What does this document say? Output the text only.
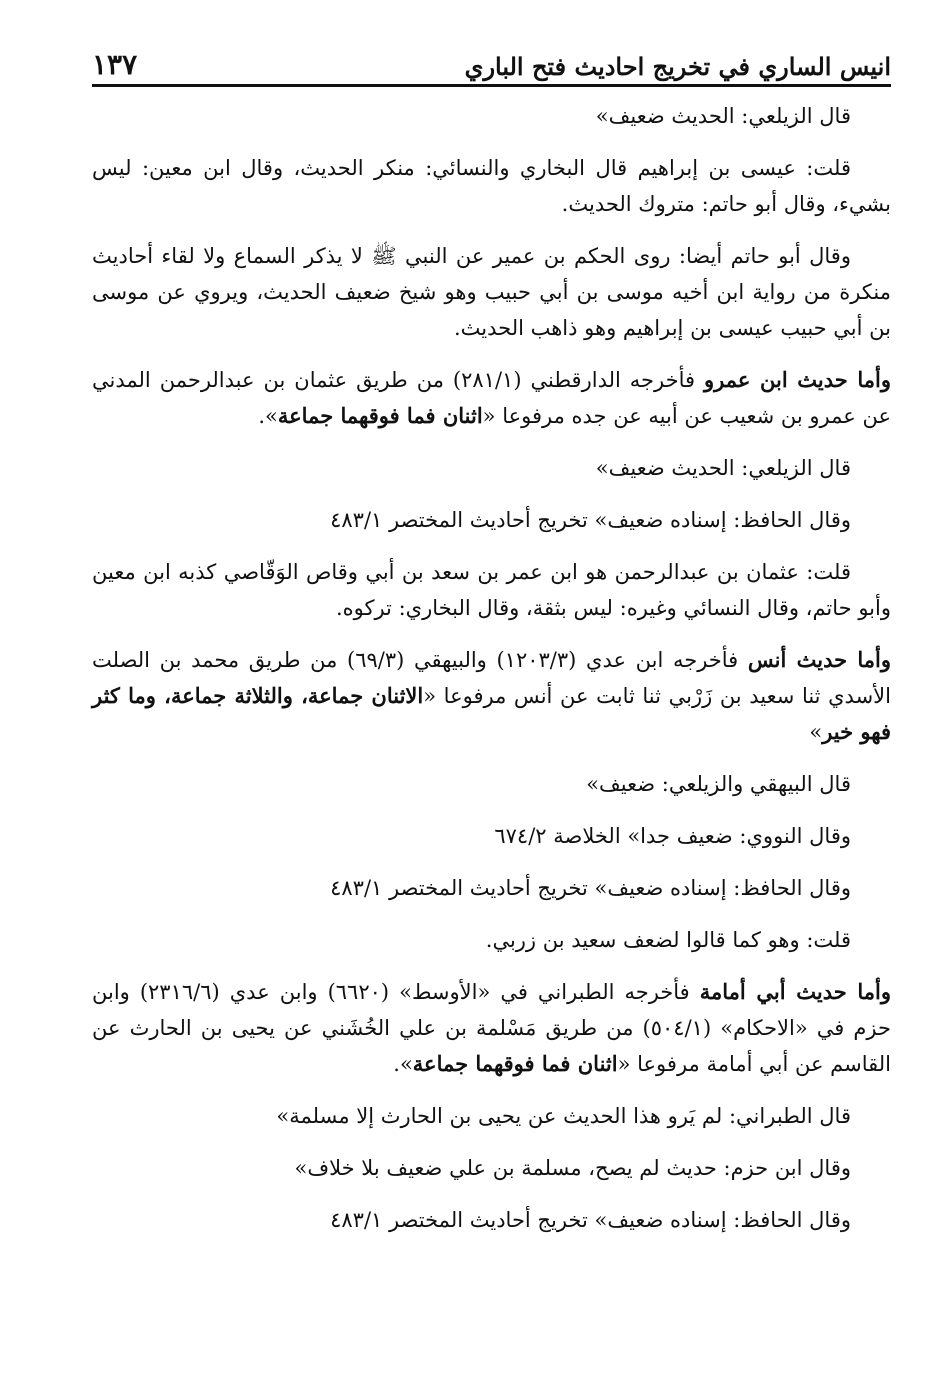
انيس الساري في تخريج احاديث فتح الباري
١٣٧

قال الزيلعي: الحديث ضعيف»

قلت: عيسى بن إبراهيم قال البخاري والنسائي: منكر الحديث، وقال ابن معين: ليس بشيء، وقال أبو حاتم: متروك الحديث.

وقال أبو حاتم أيضا: روى الحكم بن عمير عن النبي ﷺ لا يذكر السماع ولا لقاء أحاديث منكرة من رواية ابن أخيه موسى بن أبي حبيب وهو شيخ ضعيف الحديث، ويروي عن موسى بن أبي حبيب عيسى بن إبراهيم وهو ذاهب الحديث.

وأما حديث ابن عمرو فأخرجه الدارقطني (٢٨١/١) من طريق عثمان بن عبدالرحمن المدني عن عمرو بن شعيب عن أبيه عن جده مرفوعا «اثنان فما فوقهما جماعة».

قال الزيلعي: الحديث ضعيف»

وقال الحافظ: إسناده ضعيف» تخريج أحاديث المختصر ٤٨٣/١

قلت: عثمان بن عبدالرحمن هو ابن عمر بن سعد بن أبي وقاص الوَقّاصي كذبه ابن معين وأبو حاتم، وقال النسائي وغيره: ليس بثقة، وقال البخاري: تركوه.

وأما حديث أنس فأخرجه ابن عدي (١٢٠٣/٣) والبيهقي (٦٩/٣) من طريق محمد بن الصلت الأسدي ثنا سعيد بن زَرْبي ثنا ثابت عن أنس مرفوعا «الاثنان جماعة، والثلاثة جماعة، وما كثر فهو خير»

قال البيهقي والزيلعي: ضعيف»

وقال النووي: ضعيف جدا» الخلاصة ٦٧٤/٢

وقال الحافظ: إسناده ضعيف» تخريج أحاديث المختصر ٤٨٣/١

قلت: وهو كما قالوا لضعف سعيد بن زربي.

وأما حديث أبي أمامة فأخرجه الطبراني في «الأوسط» (٦٦٢٠) وابن عدي (٢٣١٦/٦) وابن حزم في «الاحكام» (٥٠٤/١) من طريق مَسْلمة بن علي الخُشَني عن يحيى بن الحارث عن القاسم عن أبي أمامة مرفوعا «اثنان فما فوقهما جماعة».

قال الطبراني: لم يَرو هذا الحديث عن يحيى بن الحارث إلا مسلمة»

وقال ابن حزم: حديث لم يصح، مسلمة بن علي ضعيف بلا خلاف»

وقال الحافظ: إسناده ضعيف» تخريج أحاديث المختصر ٤٨٣/١
